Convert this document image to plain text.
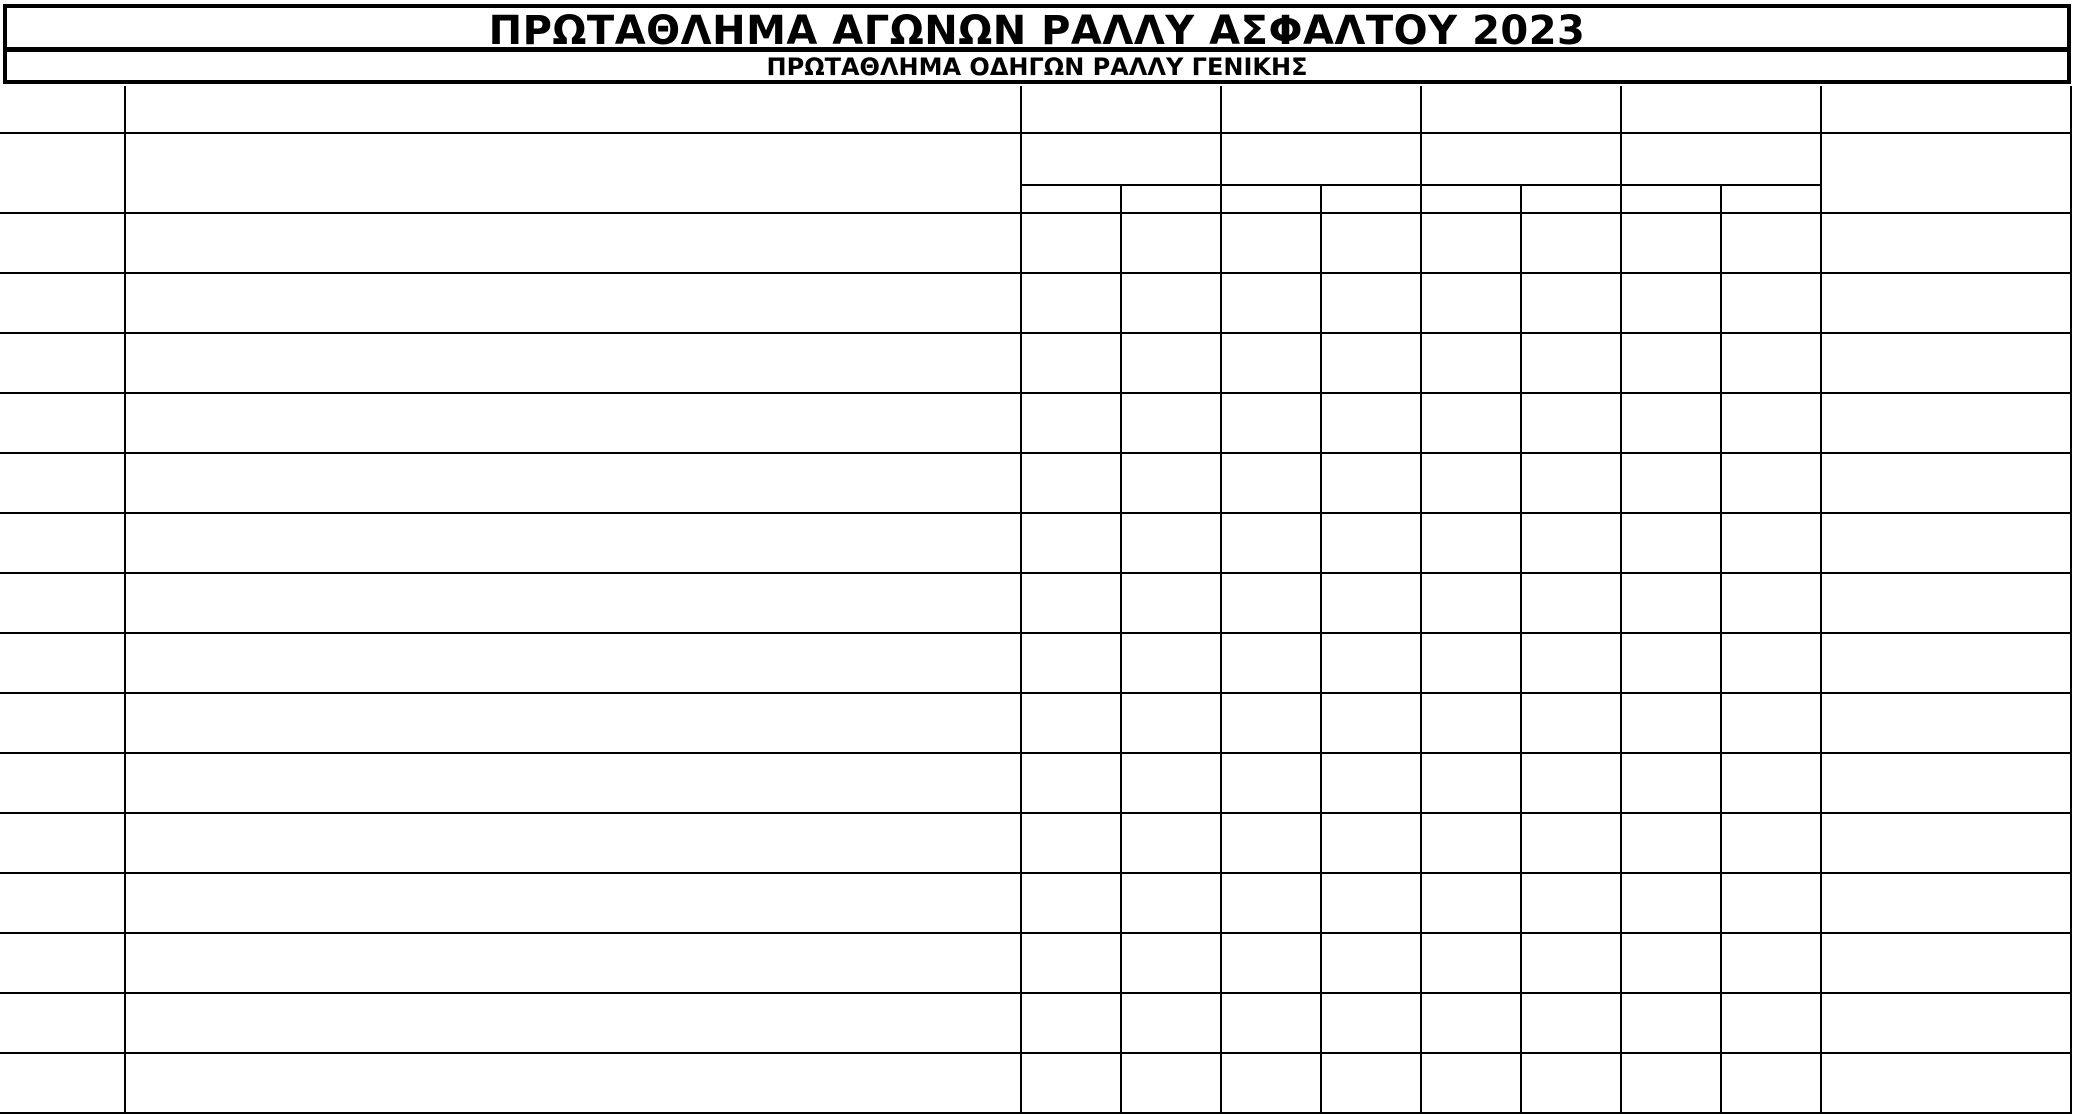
ΠΡΩΤΑΘΛΗΜΑ ΑΓΩΝΩΝ ΡΑΛΛΥ ΑΣΦΑΛΤΟΥ 2023
ΠΡΩΤΑΘΛΗΜΑ ΟΔΗΓΩΝ ΡΑΛΛΥ ΓΕΝΙΚΗΣ
